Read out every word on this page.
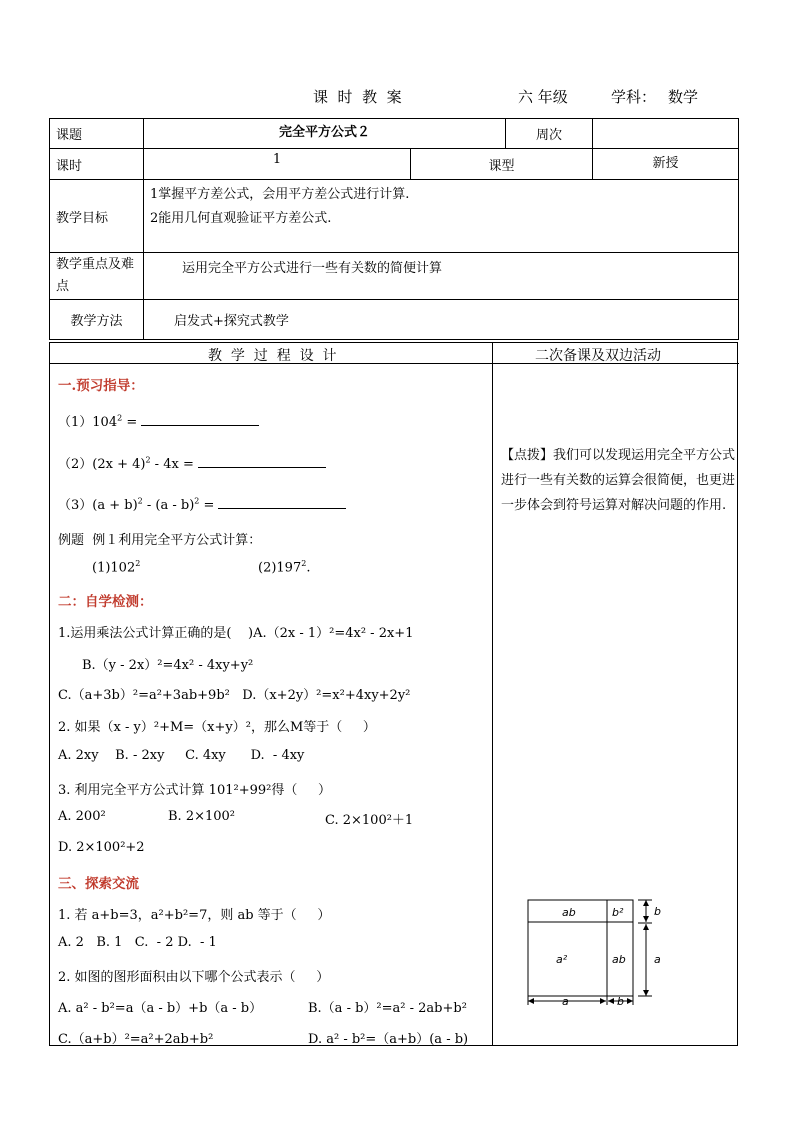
课  时  教  案	六 年级	学科： 数学
课题	完全平方公式２		周次	
课时	1	课型		新授
教学目标	1掌握平方差公式，会用平方差公式进行计算.
2能用几何直观验证平方差公式.			

教学重点及难点	运用完全平方公式进行一些有关数的简便计算			
教学方法	启发式+探究式教学			
教  学  过  程  设  计	二次备课及双边活动
一.预习指导：
$(1)104^2$ =
$(2)(2x + 4)^2 - 4x$ =
$(3)(a + b)^2 - (a - b)^2$ =
例题  例１利用完全平方公式计算：
$(1)102^2$	$(2)197^2$.
二：自学检测：
1.运用乘法公式计算正确的是(    )A.（2x - 1）²=4x² - 2x+1
B.（y - 2x）²=4x² - 4xy+y²
C.（a+3b）²=a²+3ab+9b²   D.（x+2y）²=x²+4xy+2y²
2. 如果（x - y）²+M=（x+y）²，那么M等于（     ）
A. 2xy    B. - 2xy     C. 4xy      D.  - 4xy
3. 利用完全平方公式计算 101²+99²得（     ）
A. 200²	B. 2×100²	C. 2×100²＋1
D. 2×100²+2
三、探索交流
1. 若 a+b=3，a²+b²=7，则 ab 等于（     ）
A. 2   B. 1   C.  - 2 D.  - 1
2. 如图的图形面积由以下哪个公式表示（     ）
A. a² - b²=a（a - b）+b（a - b）	B.（a - b）²=a² - 2ab+b²
C.（a+b）²=a²+2ab+b²	D. a² - b²=（a+b）(a - b)
【点拨】我们可以发现运用完全平方公式进行一些有关数的运算会很简便，也更进一步体会到符号运算对解决问题的作用.
ab	b²
a²	ab
b
a
a	b
